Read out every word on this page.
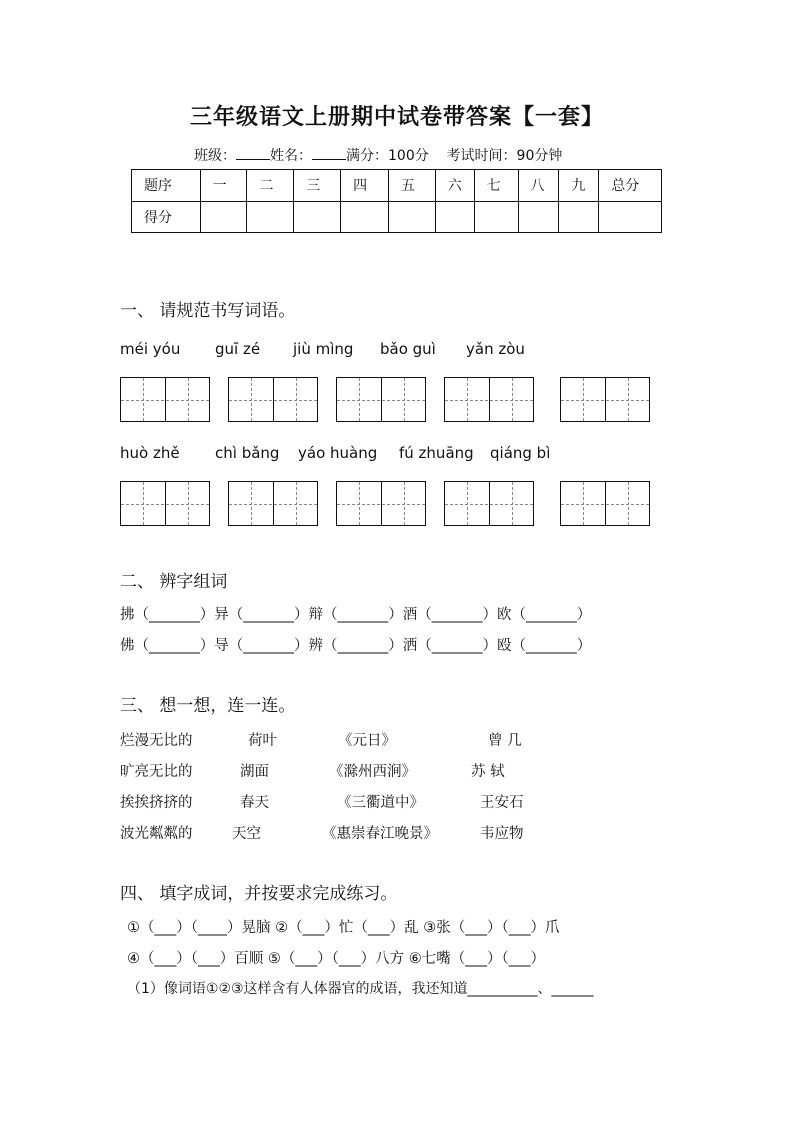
三年级语文上册期中试卷带答案【一套】
班级： 姓名： 满分：100分 考试时间：90分钟
题序	一	二	三	四	五	六	七	八	九	总分
得分										
一、 请规范书写词语。
méi yóu guī zé jiù mìng bǎo guì yǎn zòu
huò zhě chì bǎng yáo huàng fú zhuāng qiáng bì
二、 辨字组词
拂（_______）异（_______）辩（_______）酒（_______）欧（_______）
佛（_______）导（_______）辨（_______）洒（_______）殴（_______）
三、 想一想，连一连。
烂漫无比的	荷叶	《元日》	曾 几
旷亮无比的	湖面	《滁州西涧》	苏 轼
挨挨挤挤的	春天	《三衢道中》	王安石
波光粼粼的	天空	《惠崇春江晚景》	韦应物
四、 填字成词，并按要求完成练习。
①（___）（____）晃脑 ②（___）忙（___）乱 ③张（___）（___）爪
④（___）（___）百顺 ⑤（___）（___）八方 ⑥七嘴（___）（___）
（1）像词语①②③这样含有人体器官的成语，我还知道__________、______
